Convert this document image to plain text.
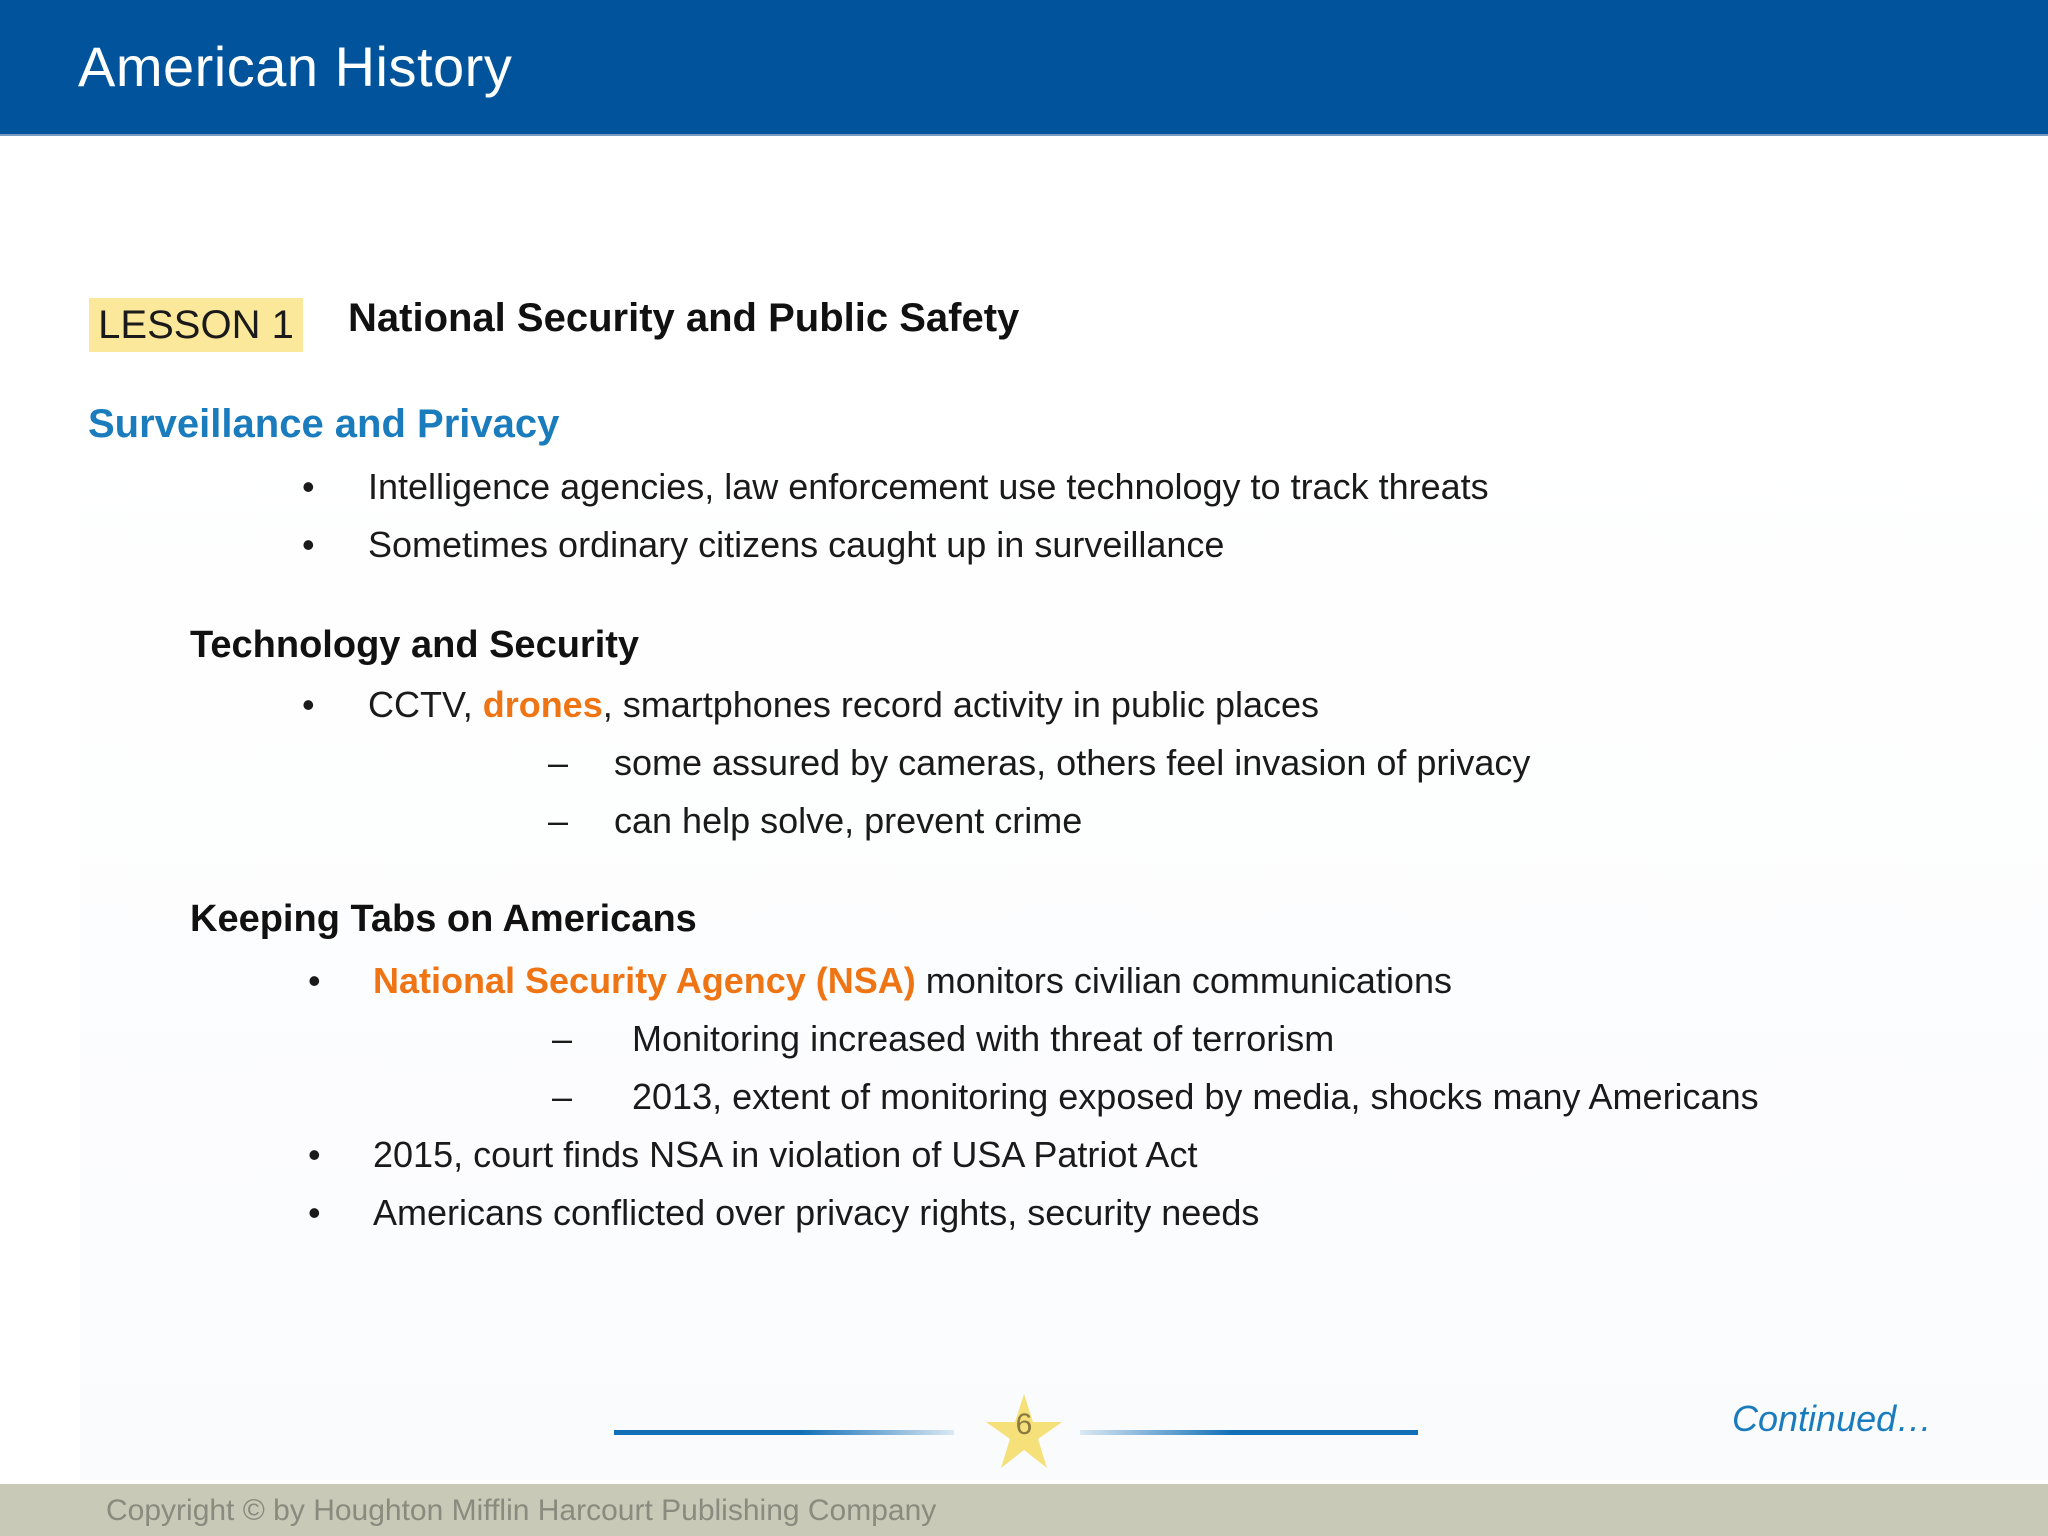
American History
LESSON 1 National Security and Public Safety
Surveillance and Privacy
• Intelligence agencies, law enforcement use technology to track threats
• Sometimes ordinary citizens caught up in surveillance
Technology and Security
• CCTV, drones, smartphones record activity in public places
– some assured by cameras, others feel invasion of privacy
– can help solve, prevent crime
Keeping Tabs on Americans
• National Security Agency (NSA) monitors civilian communications
– Monitoring increased with threat of terrorism
– 2013, extent of monitoring exposed by media, shocks many Americans
• 2015, court finds NSA in violation of USA Patriot Act
• Americans conflicted over privacy rights, security needs
6	Continued…
Copyright © by Houghton Mifflin Harcourt Publishing Company
